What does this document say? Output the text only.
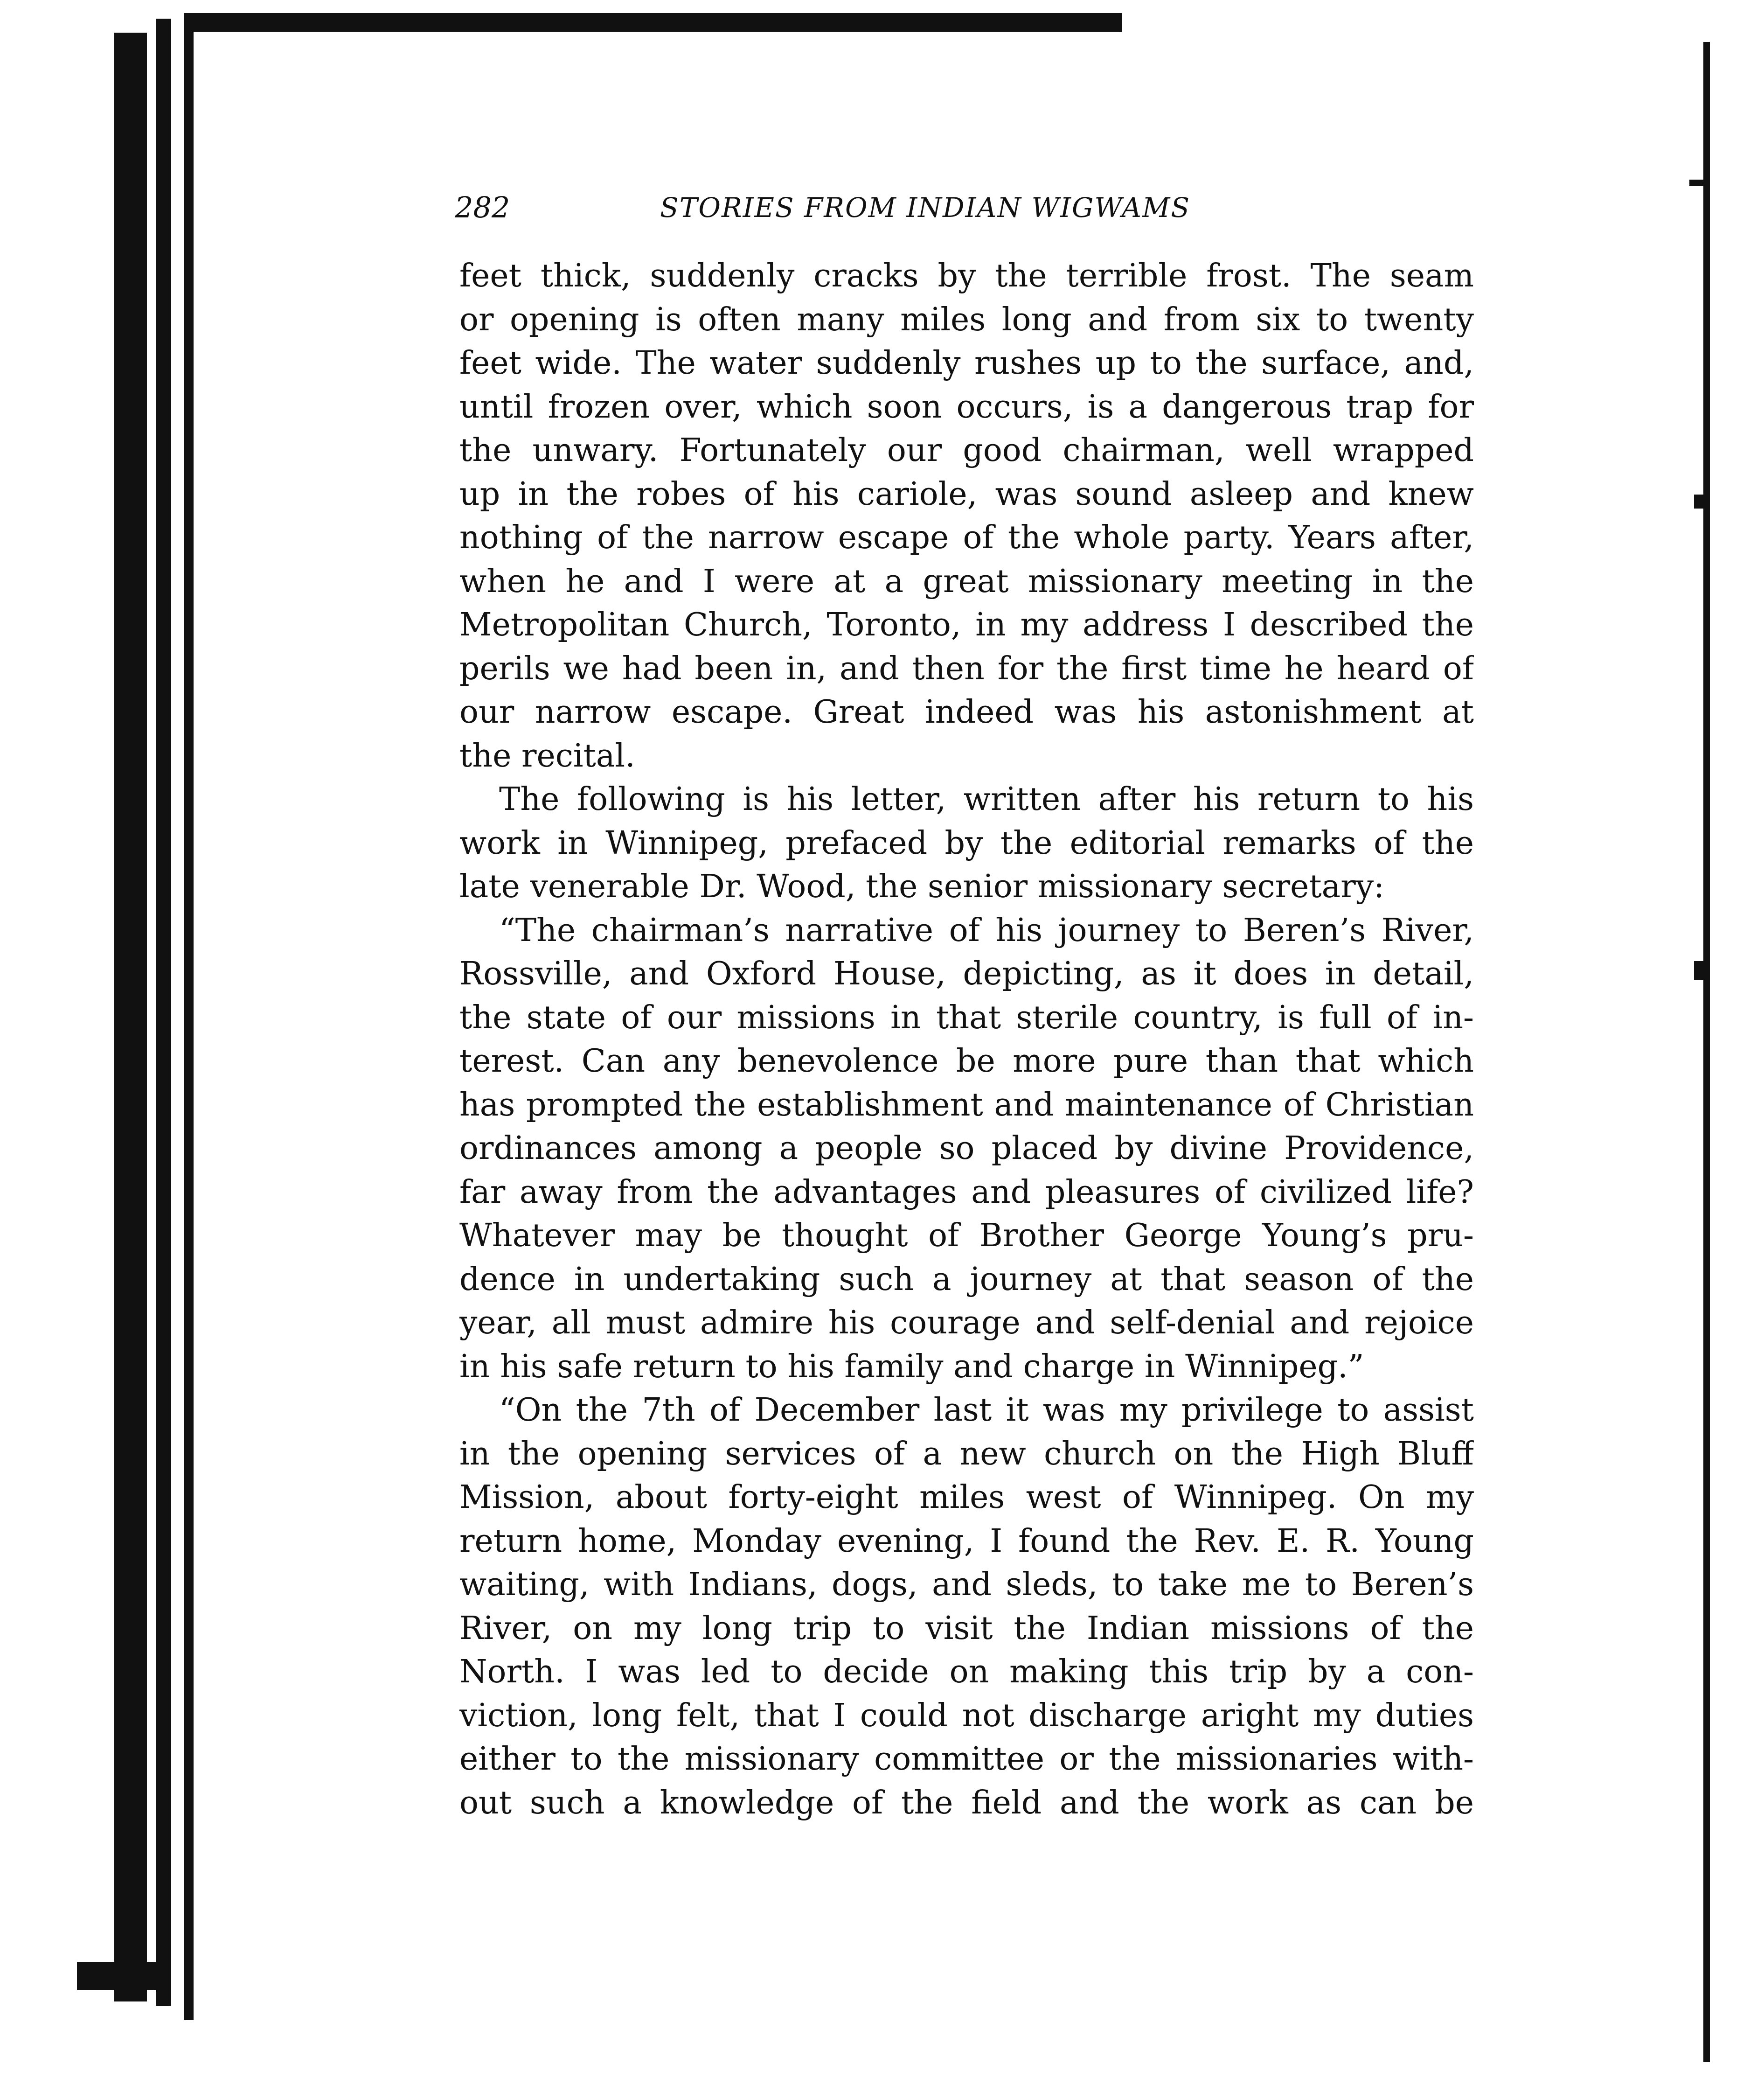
282	STORIES FROM INDIAN WIGWAMS
feet thick, suddenly cracks by the terrible frost. The seam
or opening is often many miles long and from six to twenty
feet wide. The water suddenly rushes up to the surface, and,
until frozen over, which soon occurs, is a dangerous trap for
the unwary. Fortunately our good chairman, well wrapped
up in the robes of his cariole, was sound asleep and knew
nothing of the narrow escape of the whole party. Years after,
when he and I were at a great missionary meeting in the
Metropolitan Church, Toronto, in my address I described the
perils we had been in, and then for the first time he heard of
our narrow escape. Great indeed was his astonishment at
the recital.
The following is his letter, written after his return to his
work in Winnipeg, prefaced by the editorial remarks of the
late venerable Dr. Wood, the senior missionary secretary:
“The chairman’s narrative of his journey to Beren’s River,
Rossville, and Oxford House, depicting, as it does in detail,
the state of our missions in that sterile country, is full of in-
terest. Can any benevolence be more pure than that which
has prompted the establishment and maintenance of Christian
ordinances among a people so placed by divine Providence,
far away from the advantages and pleasures of civilized life?
Whatever may be thought of Brother George Young’s pru-
dence in undertaking such a journey at that season of the
year, all must admire his courage and self-denial and rejoice
in his safe return to his family and charge in Winnipeg.”
“On the 7th of December last it was my privilege to assist
in the opening services of a new church on the High Bluff
Mission, about forty-eight miles west of Winnipeg. On my
return home, Monday evening, I found the Rev. E. R. Young
waiting, with Indians, dogs, and sleds, to take me to Beren’s
River, on my long trip to visit the Indian missions of the
North. I was led to decide on making this trip by a con-
viction, long felt, that I could not discharge aright my duties
either to the missionary committee or the missionaries with-
out such a knowledge of the field and the work as can be
